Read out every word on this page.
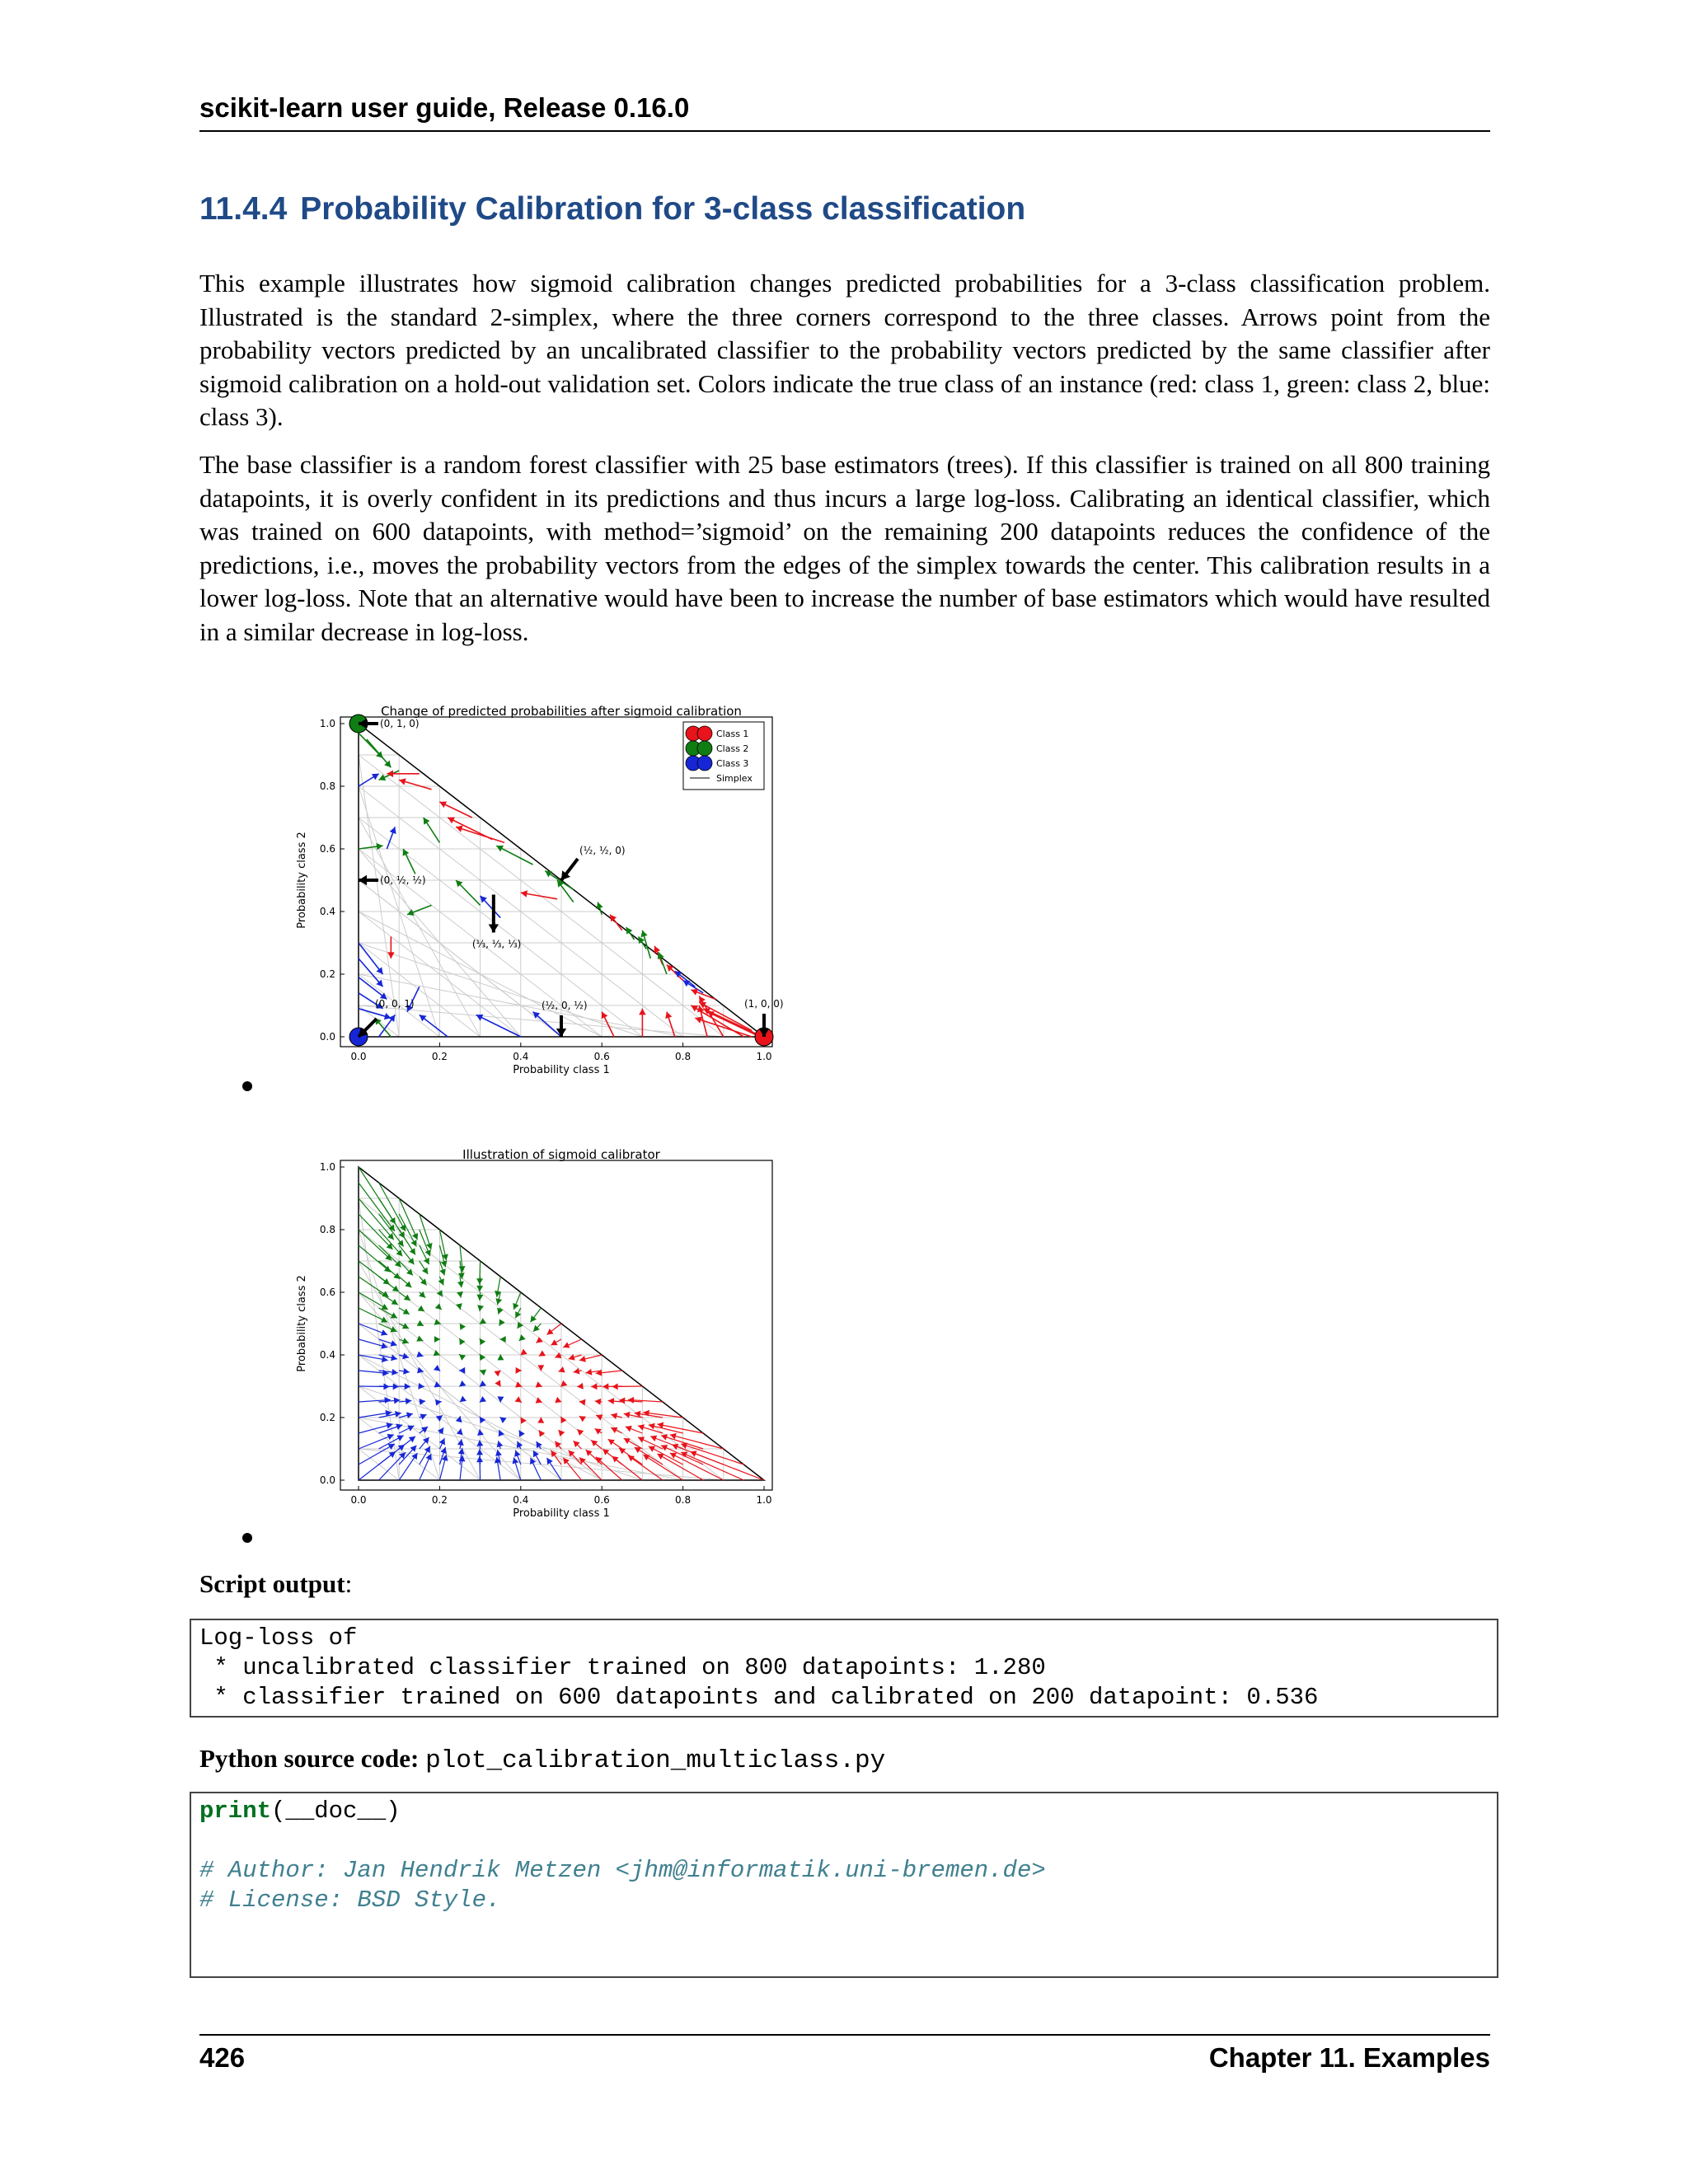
scikit-learn user guide, Release 0.16.0
11.4.4 Probability Calibration for 3-class classification

This example illustrates how sigmoid calibration changes predicted probabilities for a 3-class classification problem. Illustrated is the standard 2-simplex, where the three corners correspond to the three classes. Arrows point from the probability vectors predicted by an uncalibrated classifier to the probability vectors predicted by the same classifier after sigmoid calibration on a hold-out validation set. Colors indicate the true class of an instance (red: class 1, green: class 2, blue: class 3).

The base classifier is a random forest classifier with 25 base estimators (trees). If this classifier is trained on all 800 training datapoints, it is overly confident in its predictions and thus incurs a large log-loss. Calibrating an identical classifier, which was trained on 600 datapoints, with method=’sigmoid’ on the remaining 200 datapoints reduces the confidence of the predictions, i.e., moves the probability vectors from the edges of the simplex towards the center. This calibration results in a lower log-loss. Note that an alternative would have been to increase the number of base estimators which would have resulted in a similar decrease in log-loss.

Change of predicted probabilities after sigmoid calibration
0.0	0.2	0.4	0.6	0.8	1.0
0.0
0.2
0.4
0.6
0.8
1.0
Probability class 1
Probability class 2	(½, ½, 0)
(0, ½, ½)
(½, 0, ½)
(⅓, ⅓, ⅓)
(1, 0, 0)
(0, 1, 0)
(0, 0, 1)
Class 1
Class 2
Class 3
Simplex
Illustration of sigmoid calibrator
0.0	0.2	0.4	0.6	0.8	1.0
0.0
0.2
0.4
0.6
0.8
1.0
Probability class 1
Probability class 2
Script output:
Log-loss of
* uncalibrated classifier trained on 800 datapoints: 1.280
* classifier trained on 600 datapoints and calibrated on 200 datapoint: 0.536
Python source code: plot_calibration_multiclass.py
print(__doc__)

# Author: Jan Hendrik Metzen <jhm@informatik.uni-bremen.de>
# License: BSD Style.
426	Chapter 11. Examples
